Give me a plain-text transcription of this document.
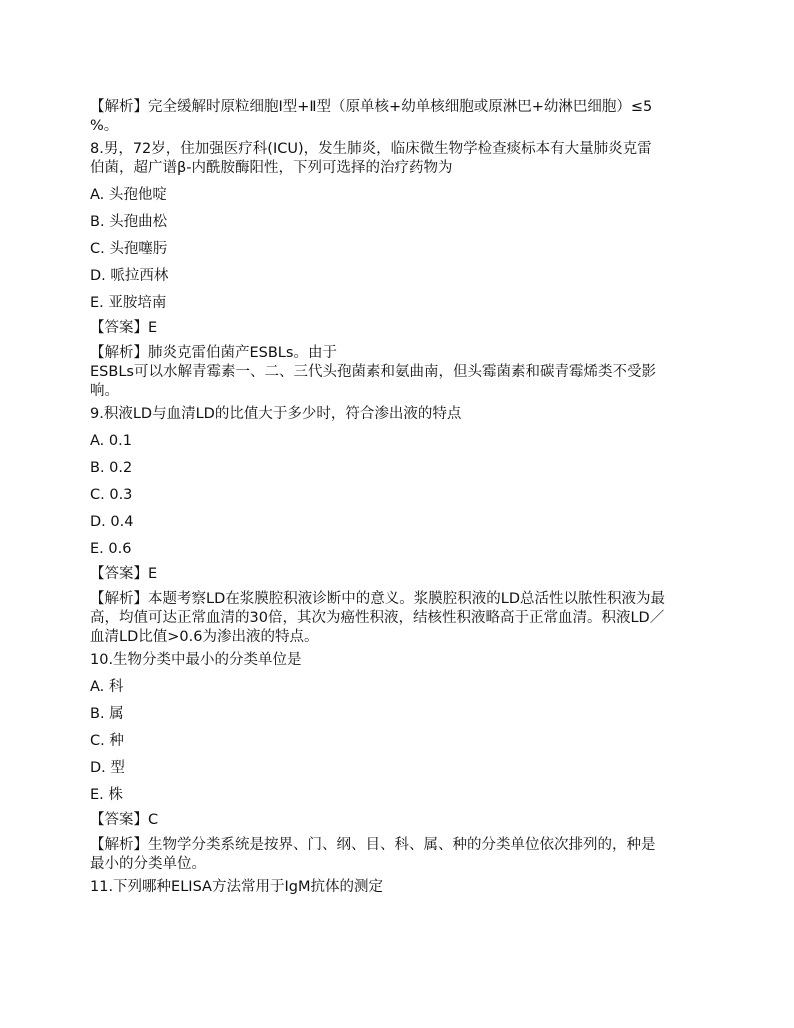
【解析】完全缓解时原粒细胞Ⅰ型+Ⅱ型（原单核+幼单核细胞或原淋巴+幼淋巴细胞）≤5
%。
8.男，72岁，住加强医疗科(ICU)，发生肺炎，临床微生物学检查痰标本有大量肺炎克雷
伯菌，超广谱β-内酰胺酶阳性，下列可选择的治疗药物为
A. 头孢他啶
B. 头孢曲松
C. 头孢噻肟
D. 哌拉西林
E. 亚胺培南
【答案】E
【解析】肺炎克雷伯菌产ESBLs。由于
ESBLs可以水解青霉素一、二、三代头孢菌素和氨曲南，但头霉菌素和碳青霉烯类不受影
响。
9.积液LD与血清LD的比值大于多少时，符合渗出液的特点
A. 0.1
B. 0.2
C. 0.3
D. 0.4
E. 0.6
【答案】E
【解析】本题考察LD在浆膜腔积液诊断中的意义。浆膜腔积液的LD总活性以脓性积液为最
高，均值可达正常血清的30倍，其次为癌性积液，结核性积液略高于正常血清。积液LD／
血清LD比值>0.6为渗出液的特点。
10.生物分类中最小的分类单位是
A. 科
B. 属
C. 种
D. 型
E. 株
【答案】C
【解析】生物学分类系统是按界、门、纲、目、科、属、种的分类单位依次排列的，种是
最小的分类单位。
11.下列哪种ELISA方法常用于IgM抗体的测定
